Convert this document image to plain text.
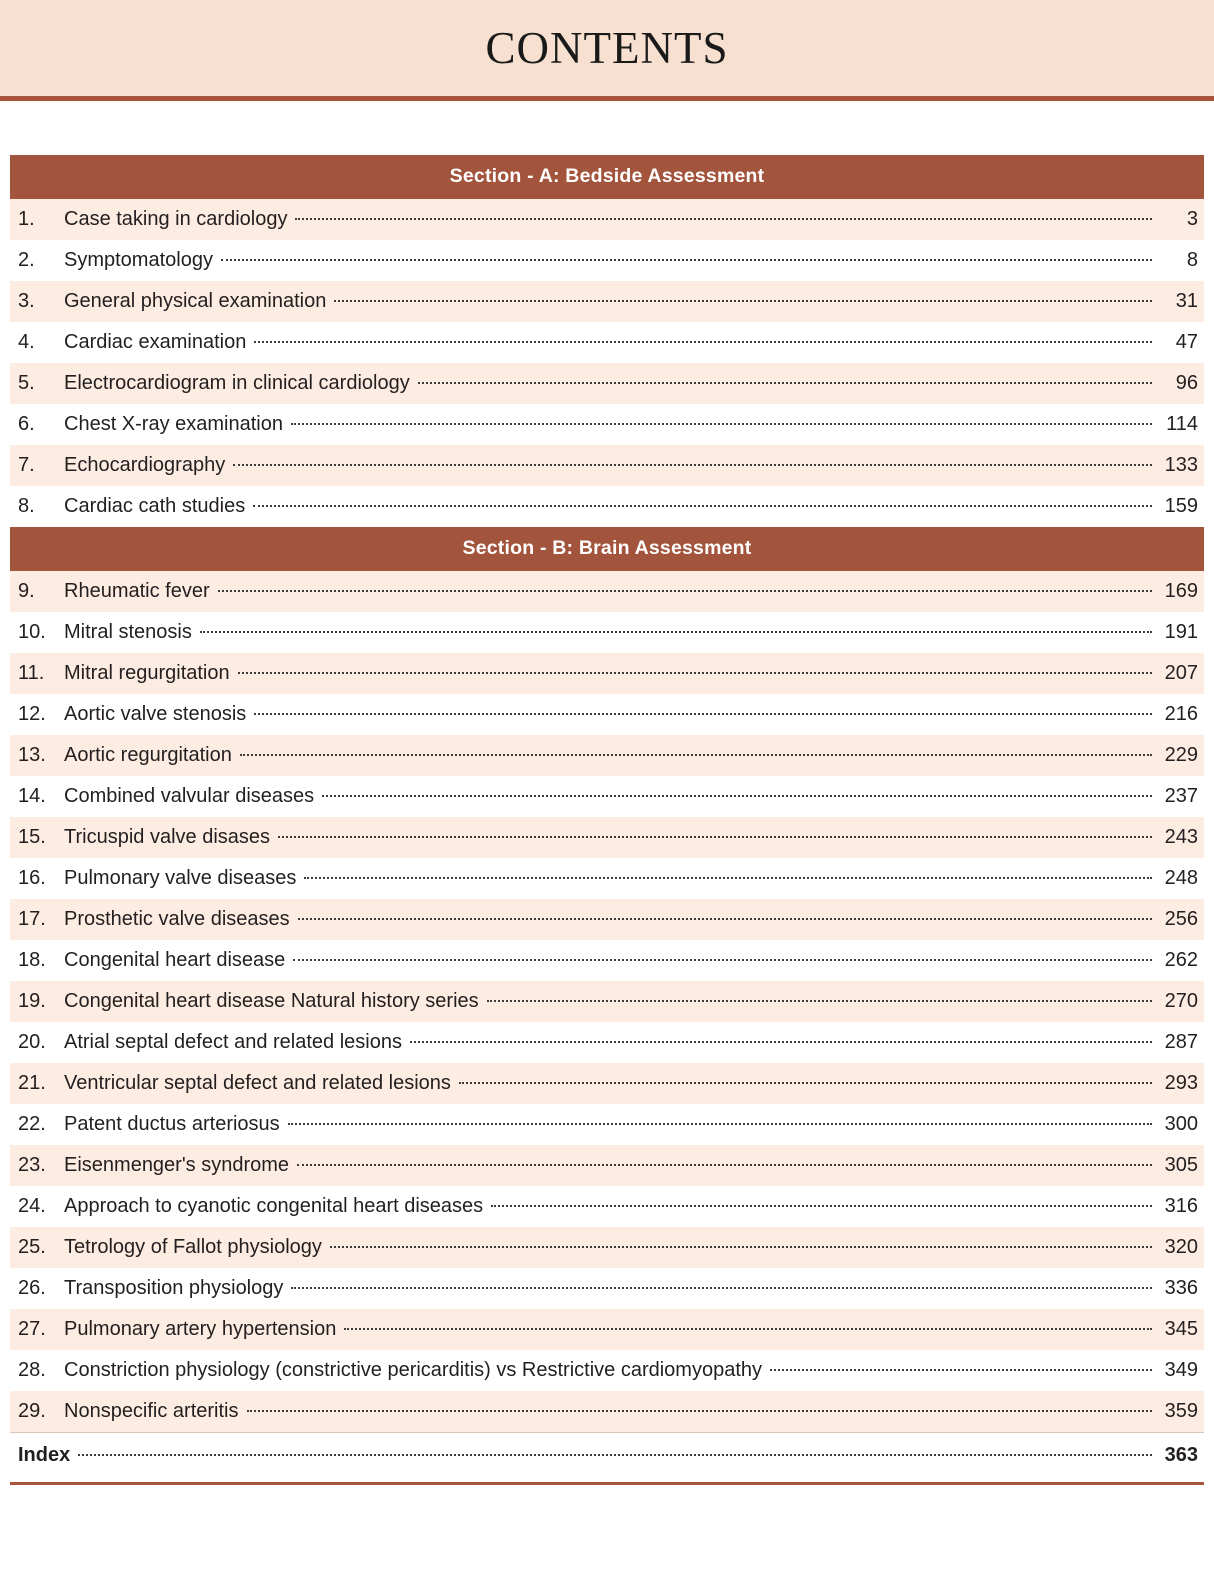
CONTENTS
Section - A: Bedside Assessment
1.	Case taking in cardiology	3
2.	Symptomatology	8
3.	General physical examination	31
4.	Cardiac examination	47
5.	Electrocardiogram in clinical cardiology	96
6.	Chest X-ray examination	114
7.	Echocardiography	133
8.	Cardiac cath studies	159
Section - B: Brain Assessment
9.	Rheumatic fever	169
10. Mitral stenosis	191
11. Mitral regurgitation	207
12. Aortic valve stenosis	216
13. Aortic regurgitation	229
14. Combined valvular diseases	237
15. Tricuspid valve disases	243
16. Pulmonary valve diseases	248
17. Prosthetic valve diseases	256
18. Congenital heart disease	262
19. Congenital heart disease Natural history series	270
20. Atrial septal defect and related lesions	287
21. Ventricular septal defect and related lesions	293
22. Patent ductus arteriosus	300
23. Eisenmenger's syndrome	305
24. Approach to cyanotic congenital heart diseases	316
25. Tetrology of Fallot physiology	320
26. Transposition physiology	336
27. Pulmonary artery hypertension	345
28. Constriction physiology (constrictive pericarditis) vs Restrictive cardiomyopathy	349
29. Nonspecific arteritis	359
Index	363
